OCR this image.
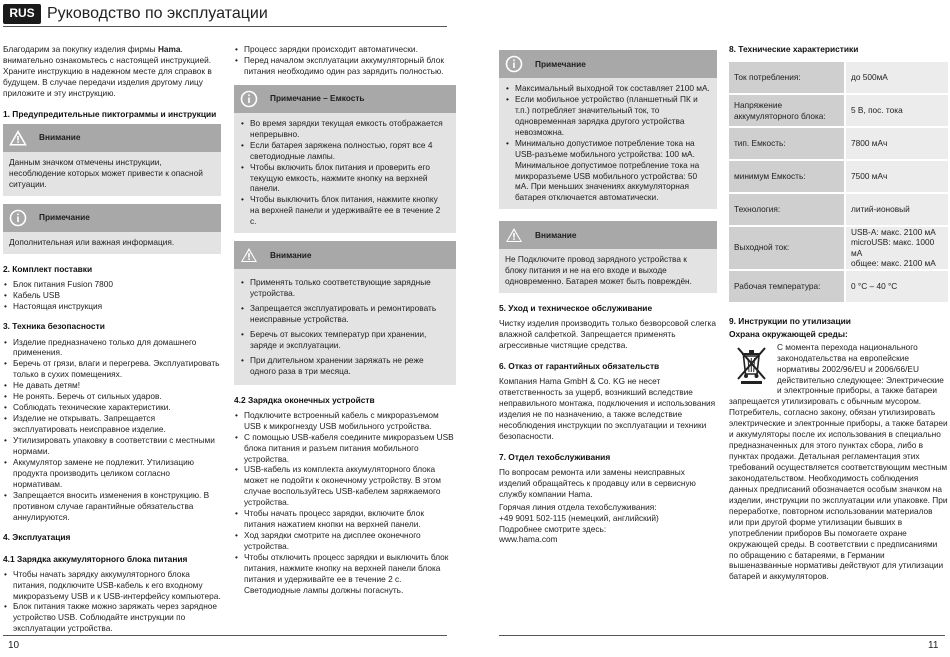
RUS Руководство по эксплуатации

Благодарим за покупку изделия фирмы Hama. внимательно ознакомьтесь с настоящей инструкцией. Храните инструкцию в надежном месте для справок в будущем. В случае передачи изделия другому лицу приложите и эту инструкцию.

1. Предупредительные пиктограммы и инструкции
Внимание
Данным значком отмечены инструкции, несоблюдение которых может привести к опасной ситуации.
Примечание
Дополнительная или важная информация.
2. Комплект поставки
• Блок питания Fusion 7800
• Кабель USB
• Настоящая инструкция
3. Техника безопасности
• Изделие предназначено только для домашнего применения.
• Беречь от грязи, влаги и перегрева. Эксплуатировать только в сухих помещениях.
• Не давать детям!
• Не ронять. Беречь от сильных ударов.
• Соблюдать технические характеристики.
• Изделие не открывать. Запрещается эксплуатировать неисправное изделие.
• Утилизировать упаковку в соответствии с местными нормами.
• Аккумулятор замене не подлежит. Утилизацию продукта производить целиком согласно нормативам.
• Запрещается вносить изменения в конструкцию. В противном случае гарантийные обязательства аннулируются.
4. Эксплуатация
4.1 Зарядка аккумуляторного блока питания
• Чтобы начать зарядку аккумуляторного блока питания, подключите USB-кабель к его входному микроразъему USB и к USB-интерфейсу компьютера.
• Блок питания также можно заряжать через зарядное устройство USB. Соблюдайте инструкции по эксплуатации устройства.
• Процесс зарядки происходит автоматически.
• Перед началом эксплуатации аккумуляторный блок питания необходимо один раз зарядить полностью.
Примечание – Емкость
• Во время зарядки текущая емкость отображается непрерывно.
• Если батарея заряжена полностью, горят все 4 светодиодные лампы.
• Чтобы включить блок питания и проверить его текущую емкость, нажмите кнопку на верхней панели.
• Чтобы выключить блок питания, нажмите кнопку на верхней панели и удерживайте ее в течение 2 с.
Внимание
• Применять только соответствующие зарядные устройства.
• Запрещается эксплуатировать и ремонтировать неисправные устройства.
• Беречь от высоких температур при хранении, заряде и эксплуатации.
• При длительном хранении заряжать не реже одного раза в три месяца.
4.2 Зарядка оконечных устройств
• Подключите встроенный кабель с микроразъемом USB к микрогнезду USB мобильного устройства.
• С помощью USB-кабеля соедините микроразъем USB блока питания и разъем питания мобильного устройства.
• USB-кабель из комплекта аккумуляторного блока может не подойти к оконечному устройству. В этом случае воспользуйтесь USB-кабелем заряжаемого устройства.
• Чтобы начать процесс зарядки, включите блок питания нажатием кнопки на верхней панели.
• Ход зарядки смотрите на дисплее оконечного устройства.
• Чтобы отключить процесс зарядки и выключить блок питания, нажмите кнопку на верхней панели блока питания и удерживайте ее в течение 2 с. Светодиодные лампы должны погаснуть.
Примечание
• Максимальный выходной ток составляет 2100 мА.
• Если мобильное устройство (планшетный ПК и т.п.) потребляет значительный ток, то одновременная зарядка другого устройства невозможна.
• Минимально допустимое потребление тока на USB-разъеме мобильного устройства: 100 мА. Минимальное допустимое потребление тока на микроразъеме USB мобильного устройства: 50 мА. При меньших значениях аккумуляторная батарея отключается автоматически.
Внимание
Не Подключите провод зарядного устройства к блоку питания и не на его входе и выходе одновременно. Батарея может быть повреждён.
5. Уход и техническое обслуживание

Чистку изделия производить только безворсовой слегка влажной салфеткой. Запрещается применять агрессивные чистящие средства.

6. Отказ от гарантийных обязательств

Компания Hama GmbH & Co. KG не несет ответственность за ущерб, возникший вследствие неправильного монтажа, подключения и использования изделия не по назначению, а также вследствие несоблюдения инструкции по эксплуатации и техники безопасности.

7. Отдел техобслуживания

По вопросам ремонта или замены неисправных изделий обращайтесь к продавцу или в сервисную службу компании Hama.

Горячая линия отдела техобслуживания:
+49 9091 502-115 (немецкий, английский)
Подробнее смотрите здесь:
www.hama.com
8. Технические характеристики
Ток потребления:	до 500мА
Напряжение аккумуляторного блока:	5 В, пос. тока
тип. Емкость:	7800 мАч
минимум Емкость:	7500 мАч
Технология:	литий-ионовый
Выходной ток:	USB-A: макс. 2100 мА
microUSB: макс. 1000 мА
общее: макс. 2100 мА
Рабочая температура:	0 °C – 40 °C
9. Инструкции по утилизации
Охрана окружающей среды:

С момента перехода национального законодательства на европейские нормативы 2002/96/EU и 2006/66/EU действительно следующее: Электрические и электронные приборы, а также батареи запрещается утилизировать с обычным мусором. Потребитель, согласно закону, обязан утилизировать электрические и электронные приборы, а также батареи и аккумуляторы после их использования в специально предназначенных для этого пунктах сбора, либо в пунктах продажи. Детальная регламентация этих требований осуществляется соответствующим местным законодательством. Необходимость соблюдения данных предписаний обозначается особым значком на изделии, инструкции по эксплуатации или упаковке. При переработке, повторном использовании материалов или при другой форме утилизации бывших в употреблении приборов Вы помогаете охране окружающей среды. В соответствии с предписаниями по обращению с батареями, в Германии вышеназванные нормативы действуют для утилизации батарей и аккумуляторов.

10	11
